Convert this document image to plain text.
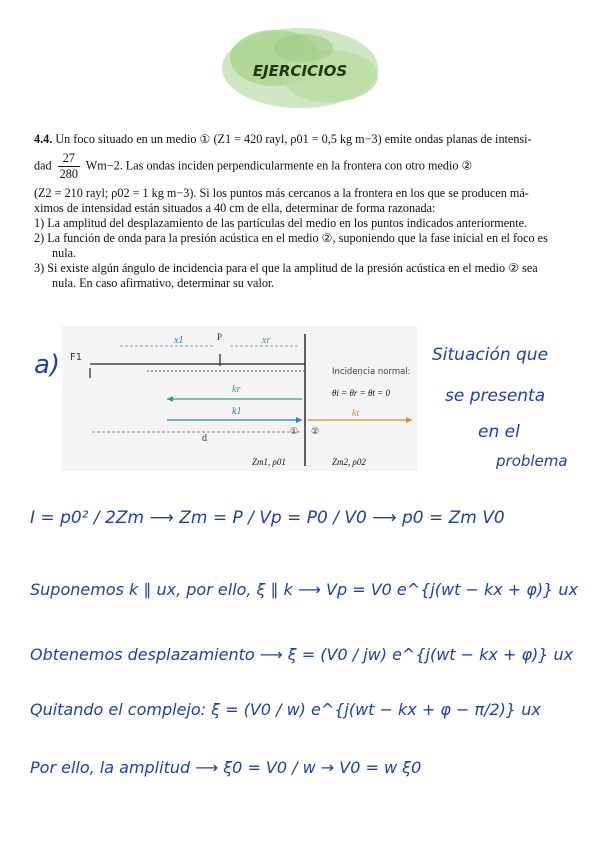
EJERCICIOS

4.4. Un foco situado en un medio ① (Z1 = 420 rayl, ρ01 = 0,5 kg m−3) emite ondas planas de intensi-

dad $\frac{27}{280} Wm-2$. Las ondas inciden perpendicularmente en la frontera con otro medio ②

(Z2 = 210 rayl; ρ02 = 1 kg m−3). Si los puntos más cercanos a la frontera en los que se producen má-

ximos de intensidad están situados a 40 cm de ella, determinar de forma razonada:

1) La amplitud del desplazamiento de las partículas del medio en los puntos indicados anteriormente.
2) La función de onda para la presión acústica en el medio ②, suponiendo que la fase inicial en el foco es nula.
3) Si existe algún ángulo de incidencia para el que la amplitud de la presión acústica en el medio ② sea nula. En caso afirmativo, determinar su valor.
a) F1
x1	P	xr
Incidencia normal:
θi = θr = θt = 0
kr
k1	kt
d
① ②
Zm1, ρ01	Zm2, ρ02
Situación que
se presenta
en el
problema
I = p0² / 2Zm ⟶ Zm = P / Vp = P0 / V0 ⟶ p0 = Zm V0
Suponemos k ∥ ux, por ello, ξ ∥ k ⟶ Vp = V0 e^{j(wt − kx + φ)} ux
Obtenemos desplazamiento ⟶ ξ = (V0 / jw) e^{j(wt − kx + φ)} ux
Quitando el complejo: ξ = (V0 / w) e^{j(wt − kx + φ − π/2)} ux
Por ello, la amplitud ⟶ ξ0 = V0 / w → V0 = w ξ0
